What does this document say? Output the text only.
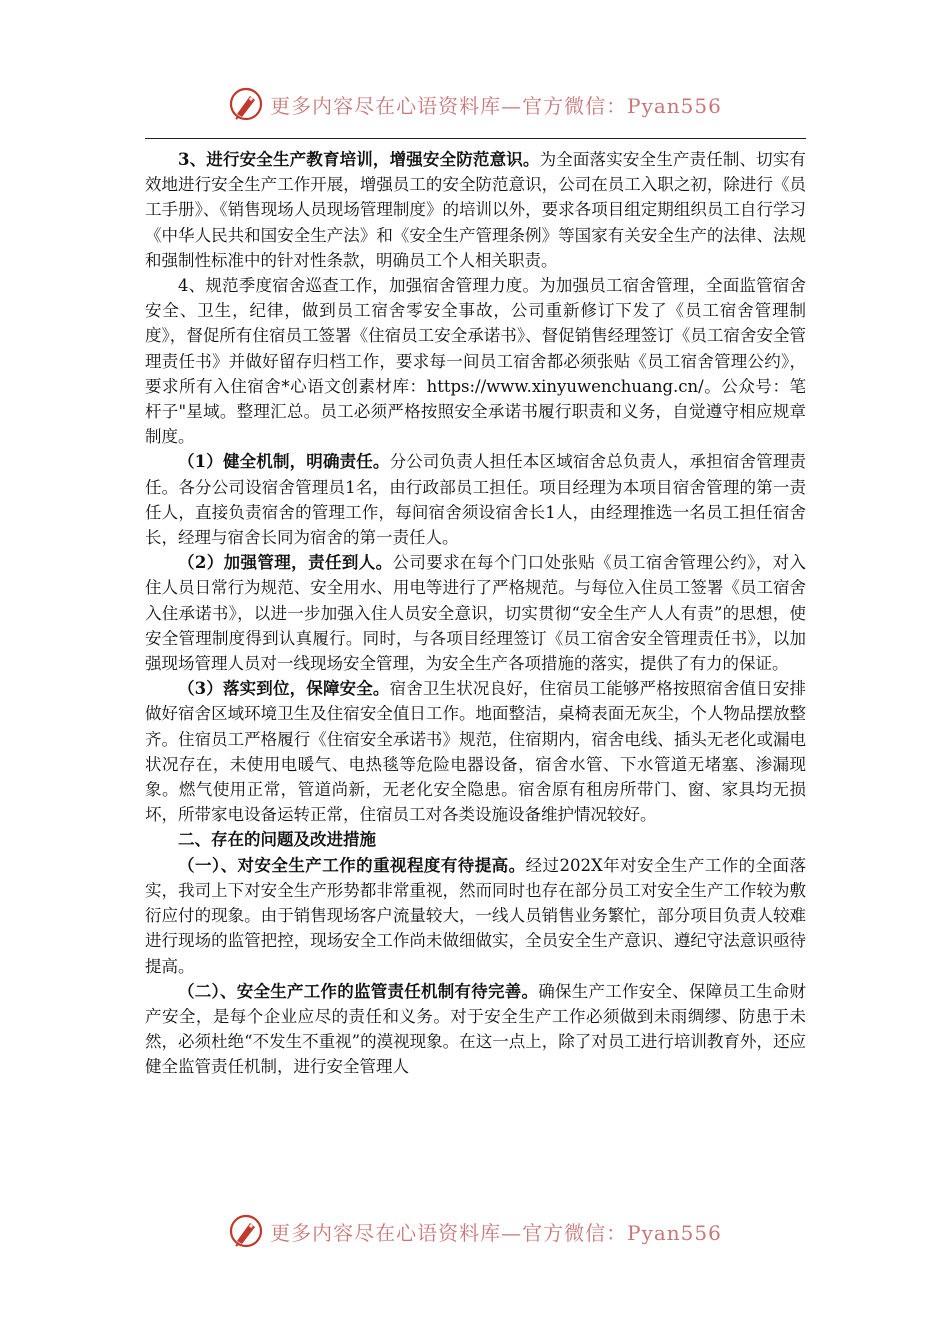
更多内容尽在心语资料库—官方微信：Pyan556

3、进行安全生产教育培训，增强安全防范意识。为全面落实安全生产责任制、切实有效地进行安全生产工作开展，增强员工的安全防范意识，公司在员工入职之初，除进行《员工手册》、《销售现场人员现场管理制度》的培训以外，要求各项目组定期组织员工自行学习《中华人民共和国安全生产法》和《安全生产管理条例》等国家有关安全生产的法律、法规和强制性标准中的针对性条款，明确员工个人相关职责。

4、规范季度宿舍巡查工作，加强宿舍管理力度。为加强员工宿舍管理，全面监管宿舍安全、卫生，纪律，做到员工宿舍零安全事故，公司重新修订下发了《员工宿舍管理制度》，督促所有住宿员工签署《住宿员工安全承诺书》、督促销售经理签订《员工宿舍安全管理责任书》并做好留存归档工作，要求每一间员工宿舍都必须张贴《员工宿舍管理公约》，要求所有入住宿舍*心语文创素材库：https://www.xinyuwenchuang.cn/。公众号：笔杆子"星域。整理汇总。员工必须严格按照安全承诺书履行职责和义务，自觉遵守相应规章制度。

（1）健全机制，明确责任。分公司负责人担任本区域宿舍总负责人，承担宿舍管理责任。各分公司设宿舍管理员1名，由行政部员工担任。项目经理为本项目宿舍管理的第一责任人，直接负责宿舍的管理工作，每间宿舍须设宿舍长1人，由经理推选一名员工担任宿舍长，经理与宿舍长同为宿舍的第一责任人。

（2）加强管理，责任到人。公司要求在每个门口处张贴《员工宿舍管理公约》，对入住人员日常行为规范、安全用水、用电等进行了严格规范。与每位入住员工签署《员工宿舍入住承诺书》，以进一步加强入住人员安全意识，切实贯彻“安全生产人人有责”的思想，使安全管理制度得到认真履行。同时，与各项目经理签订《员工宿舍安全管理责任书》，以加强现场管理人员对一线现场安全管理，为安全生产各项措施的落实，提供了有力的保证。

（3）落实到位，保障安全。宿舍卫生状况良好，住宿员工能够严格按照宿舍值日安排做好宿舍区域环境卫生及住宿安全值日工作。地面整洁，桌椅表面无灰尘，个人物品摆放整齐。住宿员工严格履行《住宿安全承诺书》规范，住宿期内，宿舍电线、插头无老化或漏电状况存在，未使用电暖气、电热毯等危险电器设备，宿舍水管、下水管道无堵塞、渗漏现象。燃气使用正常，管道尚新，无老化安全隐患。宿舍原有租房所带门、窗、家具均无损坏，所带家电设备运转正常，住宿员工对各类设施设备维护情况较好。

二、存在的问题及改进措施

（一）、对安全生产工作的重视程度有待提高。经过202X年对安全生产工作的全面落实，我司上下对安全生产形势都非常重视，然而同时也存在部分员工对安全生产工作较为敷衍应付的现象。由于销售现场客户流量较大，一线人员销售业务繁忙，部分项目负责人较难进行现场的监管把控，现场安全工作尚未做细做实，全员安全生产意识、遵纪守法意识亟待提高。

（二）、安全生产工作的监管责任机制有待完善。确保生产工作安全、保障员工生命财产安全，是每个企业应尽的责任和义务。对于安全生产工作必须做到未雨绸缪、防患于未然，必须杜绝“不发生不重视”的漠视现象。在这一点上，除了对员工进行培训教育外，还应健全监管责任机制，进行安全管理人

更多内容尽在心语资料库—官方微信：Pyan556
